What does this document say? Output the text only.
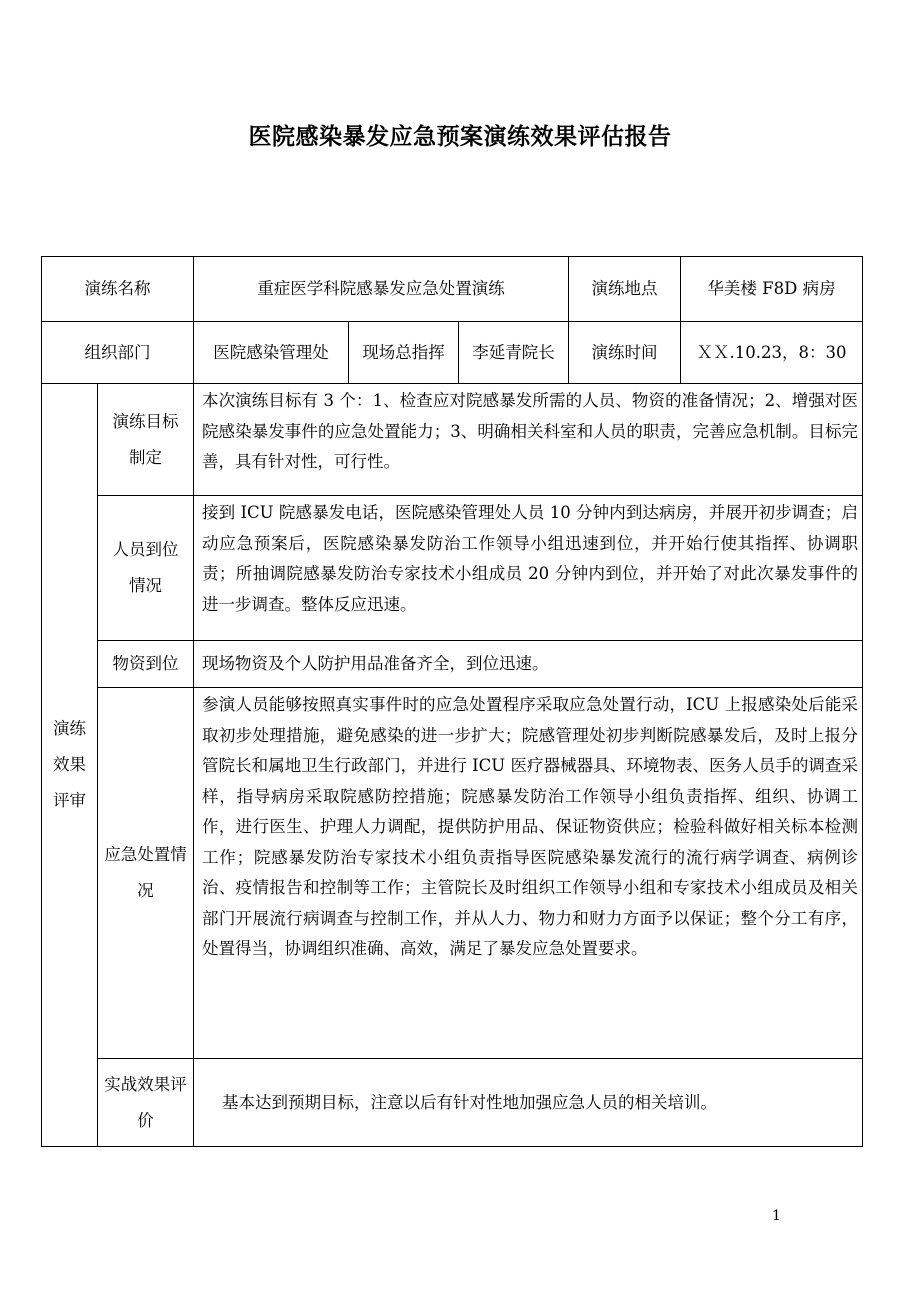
医院感染暴发应急预案演练效果评估报告
演练名称		重症医学科院感暴发应急处置演练			演练地点	华美楼 F8D 病房
组织部门		医院感染管理处	现场总指挥	李延青院长	演练时间	ＸＸ.10.23，8：30
演练效果评审	演练目标制定	本次演练目标有 3 个：1、检查应对院感暴发所需的人员、物资的准备情况；2、增强对医院感染暴发事件的应急处置能力；3、明确相关科室和人员的职责，完善应急机制。目标完善，具有针对性，可行性。				
	人员到位情况	接到 ICU 院感暴发电话，医院感染管理处人员 10 分钟内到达病房，并展开初步调查；启动应急预案后，医院感染暴发防治工作领导小组迅速到位，并开始行使其指挥、协调职责；所抽调院感暴发防治专家技术小组成员 20 分钟内到位，并开始了对此次暴发事件的进一步调查。整体反应迅速。				
	物资到位	现场物资及个人防护用品准备齐全，到位迅速。				
	应急处置情况	参演人员能够按照真实事件时的应急处置程序采取应急处置行动，ICU 上报感染处后能采取初步处理措施，避免感染的进一步扩大；院感管理处初步判断院感暴发后，及时上报分管院长和属地卫生行政部门，并进行 ICU 医疗器械器具、环境物表、医务人员手的调查采样，指导病房采取院感防控措施；院感暴发防治工作领导小组负责指挥、组织、协调工作，进行医生、护理人力调配，提供防护用品、保证物资供应；检验科做好相关标本检测工作；院感暴发防治专家技术小组负责指导医院感染暴发流行的流行病学调查、病例诊治、疫情报告和控制等工作；主管院长及时组织工作领导小组和专家技术小组成员及相关部门开展流行病调查与控制工作，并从人力、物力和财力方面予以保证；整个分工有序，处置得当，协调组织准确、高效，满足了暴发应急处置要求。				
	实战效果评价	基本达到预期目标，注意以后有针对性地加强应急人员的相关培训。				
1
